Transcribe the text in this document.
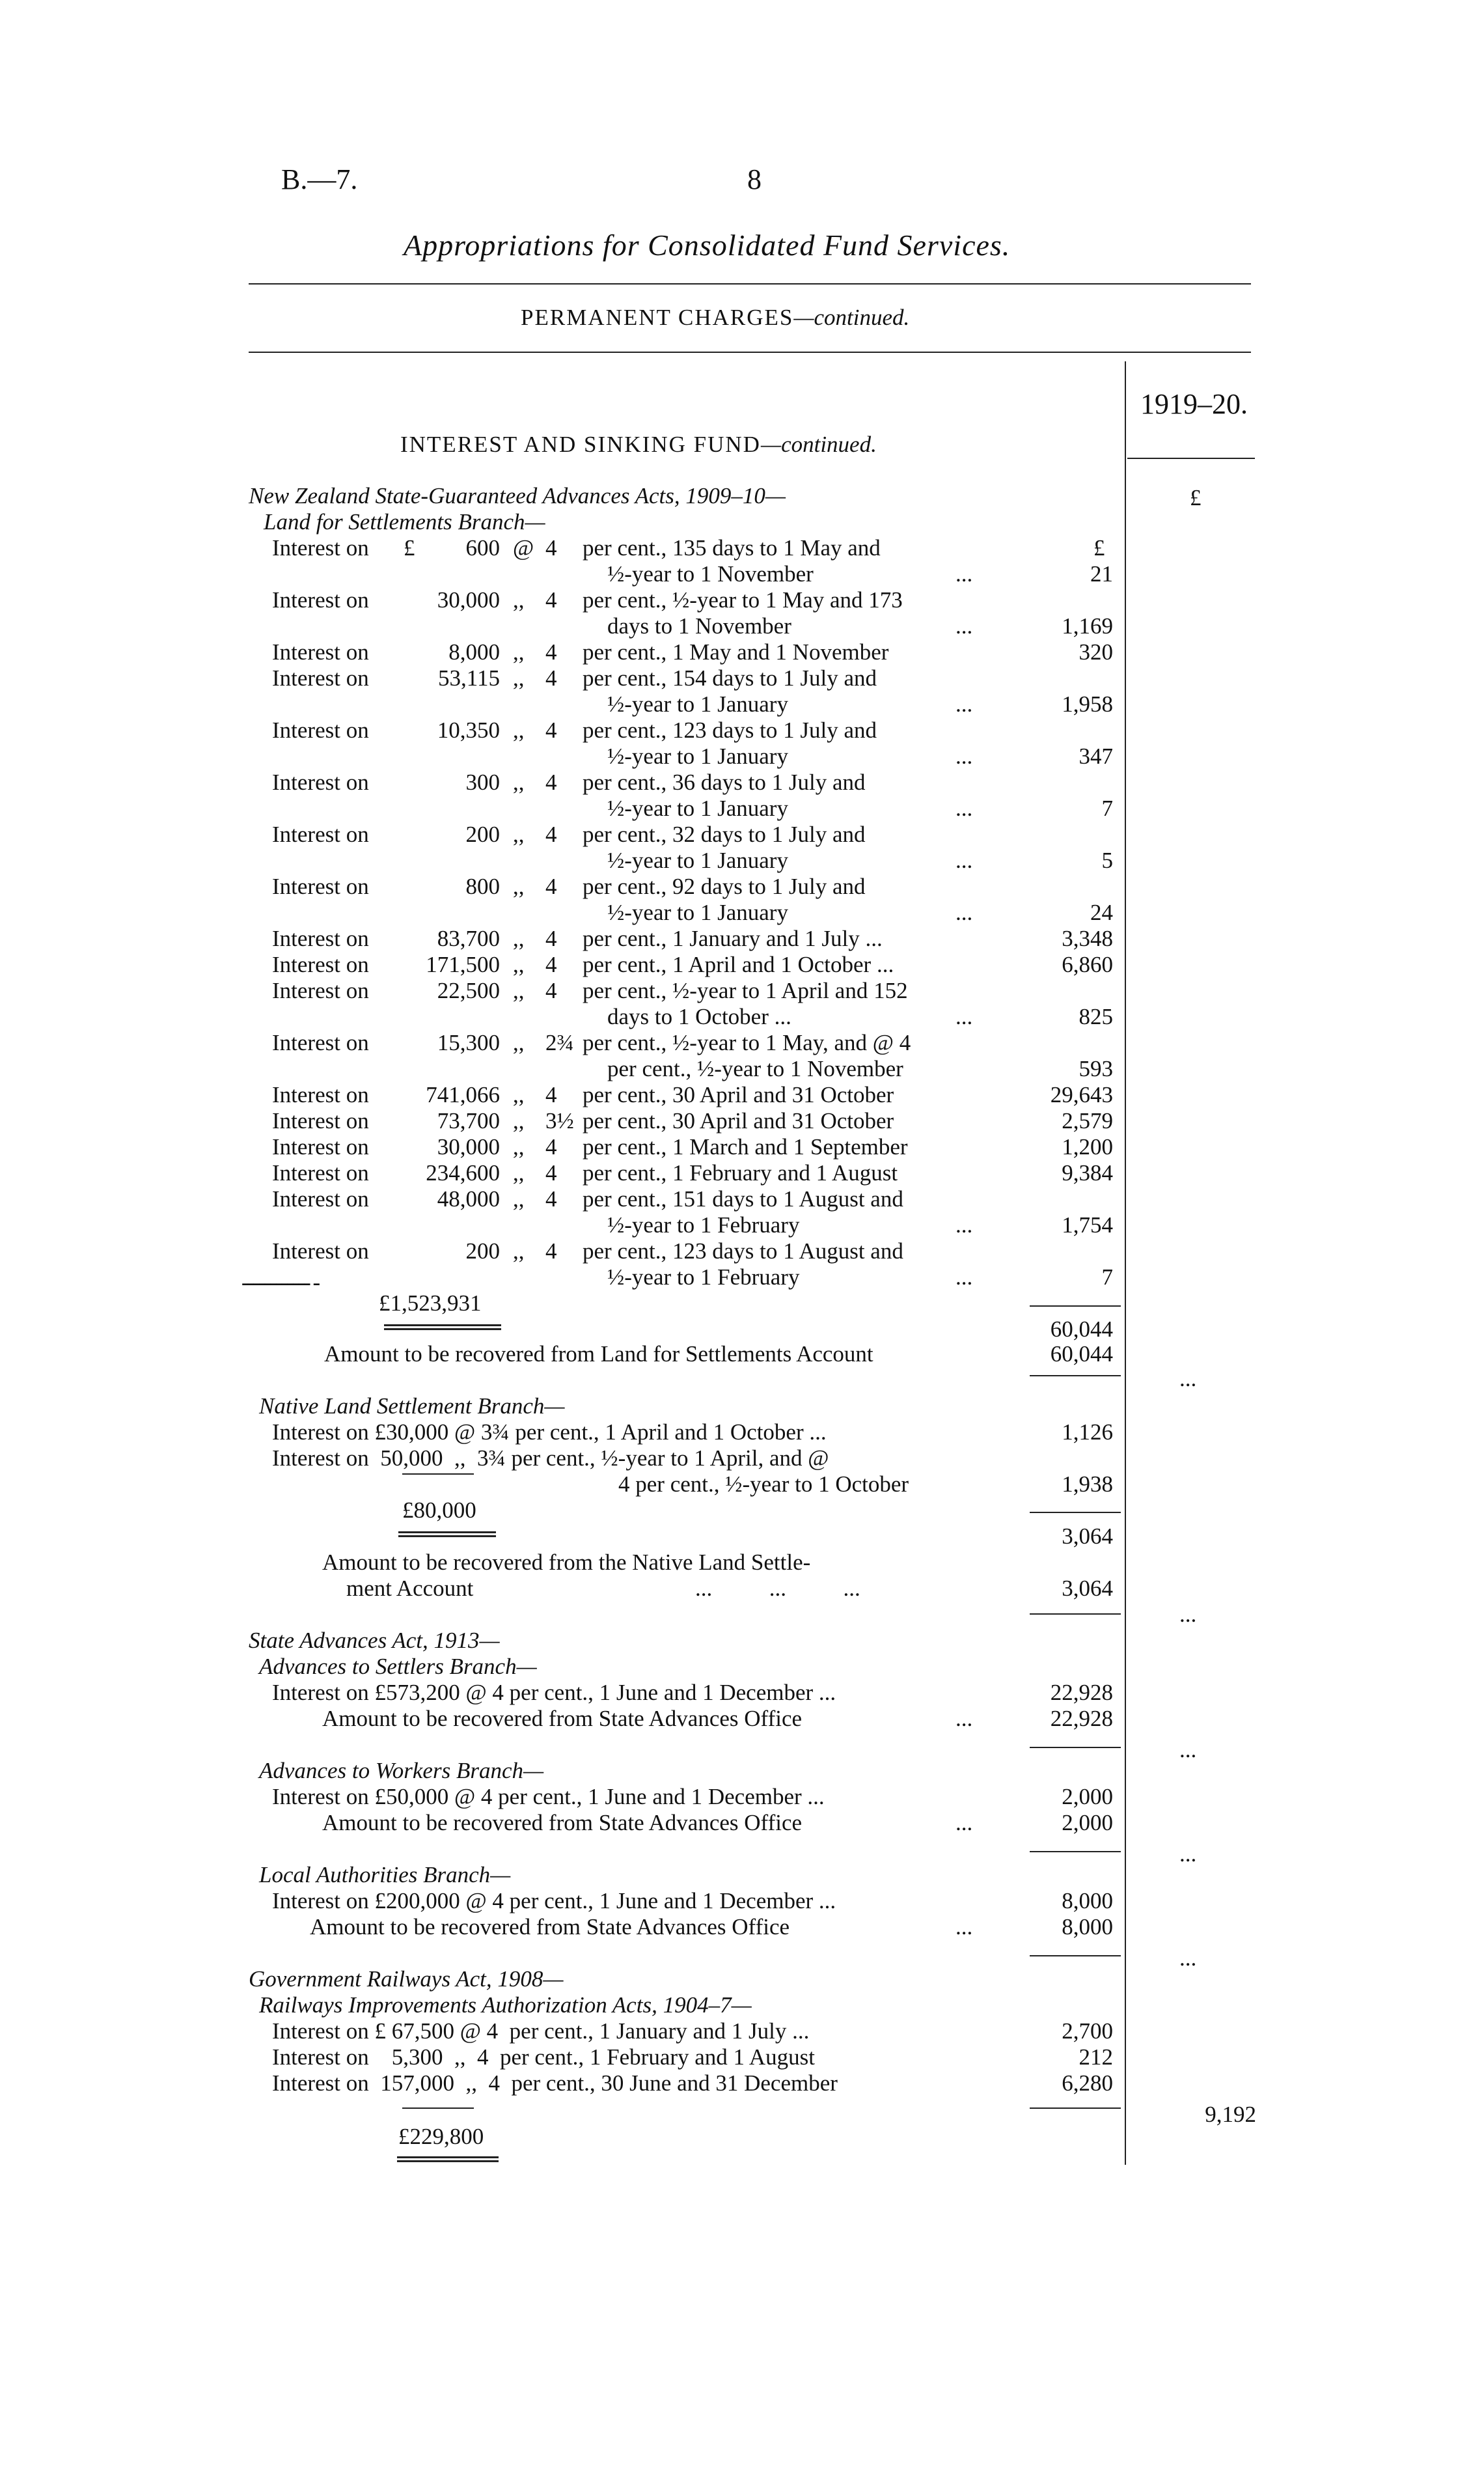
B.—7.	8
Appropriations for Consolidated Fund Services.
PERMANENT CHARGES—continued.
1919–20.
£
INTEREST AND SINKING FUND—continued.
New Zealand State-Guaranteed Advances Acts, 1909–10—
Land for Settlements Branch—
£
Interest on £	600 @ 4 per cent., 135 days to 1 May and
½-year to 1 November	...	21
Interest on	30,000 ,, 4 per cent., ½-year to 1 May and 173
days to 1 November	...	1,169
Interest on	8,000 ,, 4 per cent., 1 May and 1 November	320
Interest on	53,115 ,, 4 per cent., 154 days to 1 July and
½-year to 1 January	...	1,958
Interest on	10,350 ,, 4 per cent., 123 days to 1 July and
½-year to 1 January	...	347
Interest on	300 ,, 4 per cent., 36 days to 1 July and
½-year to 1 January	...	7
Interest on	200 ,, 4 per cent., 32 days to 1 July and
½-year to 1 January	...	5
Interest on	800 ,, 4 per cent., 92 days to 1 July and
½-year to 1 January	...	24
Interest on	83,700 ,, 4 per cent., 1 January and 1 July ...	3,348
Interest on	171,500 ,, 4 per cent., 1 April and 1 October ...	6,860
Interest on	22,500 ,, 4 per cent., ½-year to 1 April and 152
days to 1 October ...	...	825
Interest on	15,300 ,, 2¾ per cent., ½-year to 1 May, and @ 4
per cent., ½-year to 1 November	593
Interest on	741,066 ,, 4 per cent., 30 April and 31 October	29,643
Interest on	73,700 ,, 3½ per cent., 30 April and 31 October	2,579
Interest on	30,000 ,, 4 per cent., 1 March and 1 September	1,200
Interest on	234,600 ,, 4 per cent., 1 February and 1 August	9,384
Interest on	48,000 ,, 4 per cent., 151 days to 1 August and
½-year to 1 February	...	1,754
Interest on	200 ,, 4 per cent., 123 days to 1 August and
½-year to 1 February	...	7
------------ -
£1,523,931
60,044
Amount to be recovered from Land for Settlements Account	60,044
...
Native Land Settlement Branch—
Interest on £30,000 @ 3¾ per cent., 1 April and 1 October ...	1,126
Interest on  50,000  ,,  3¾ per cent., ½-year to 1 April, and @
4 per cent., ½-year to 1 October	1,938
£80,000
3,064
Amount to be recovered from the Native Land Settle-
ment Account	...          ...          ...	3,064
...
State Advances Act, 1913—
Advances to Settlers Branch—
Interest on £573,200 @ 4 per cent., 1 June and 1 December ...	22,928
Amount to be recovered from State Advances Office	...	22,928
...
Advances to Workers Branch—
Interest on £50,000 @ 4 per cent., 1 June and 1 December ...	2,000
Amount to be recovered from State Advances Office	...	2,000
...
Local Authorities Branch—
Interest on £200,000 @ 4 per cent., 1 June and 1 December ...	8,000
Amount to be recovered from State Advances Office	...	8,000
...
Government Railways Act, 1908—
Railways Improvements Authorization Acts, 1904–7—
Interest on £ 67,500 @ 4  per cent., 1 January and 1 July ...	2,700
Interest on    5,300  ,,  4  per cent., 1 February and 1 August	212
Interest on  157,000  ,,  4  per cent., 30 June and 31 December	6,280
9,192
£229,800
